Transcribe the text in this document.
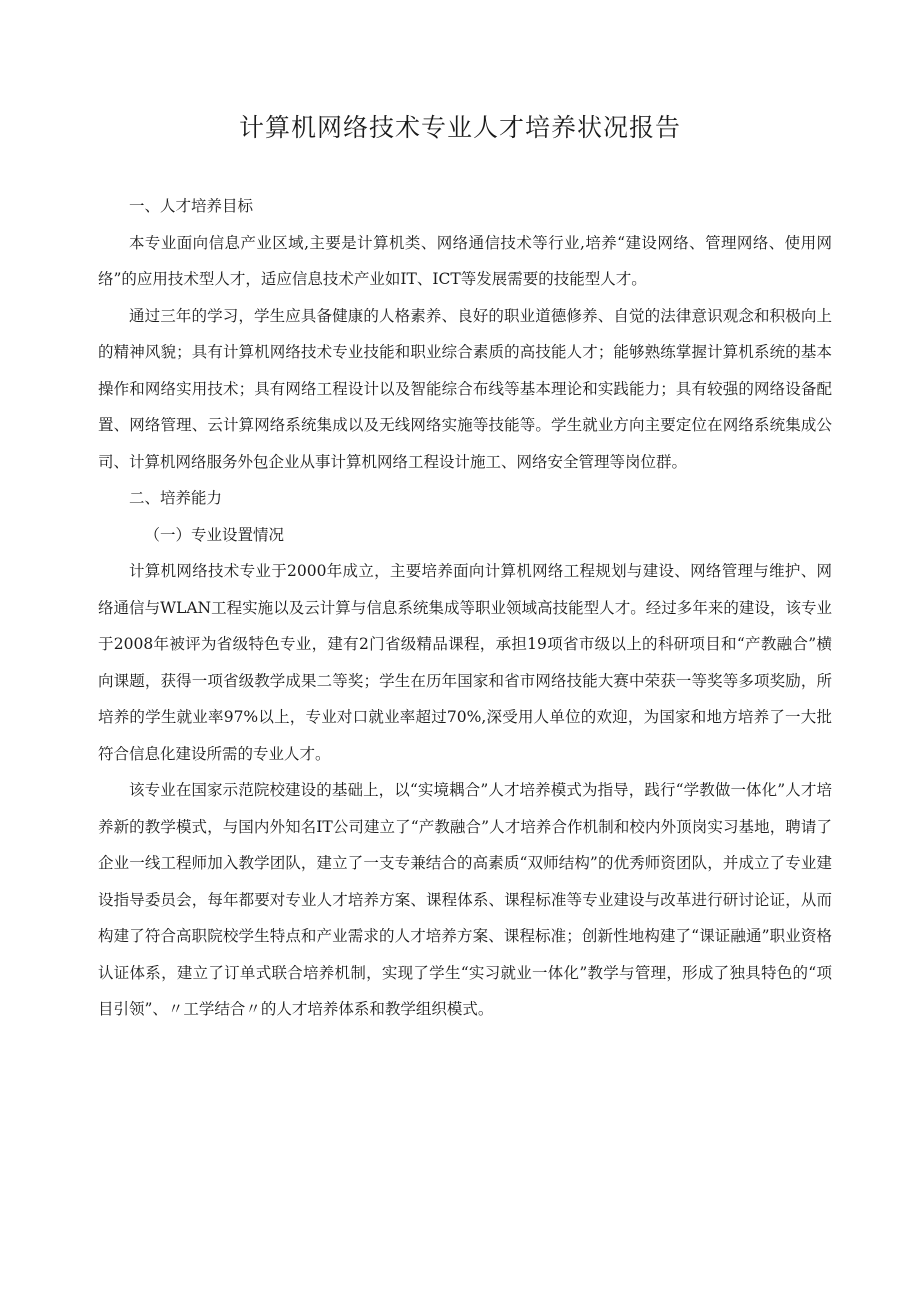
计算机网络技术专业人才培养状况报告

一、人才培养目标

本专业面向信息产业区域,主要是计算机类、网络通信技术等行业,培养“建设网络、管理网络、使用网络”的应用技术型人才，适应信息技术产业如IT、ICT等发展需要的技能型人才。

通过三年的学习，学生应具备健康的人格素养、良好的职业道德修养、自觉的法律意识观念和积极向上的精神风貌；具有计算机网络技术专业技能和职业综合素质的高技能人才；能够熟练掌握计算机系统的基本操作和网络实用技术；具有网络工程设计以及智能综合布线等基本理论和实践能力；具有较强的网络设备配置、网络管理、云计算网络系统集成以及无线网络实施等技能等。学生就业方向主要定位在网络系统集成公司、计算机网络服务外包企业从事计算机网络工程设计施工、网络安全管理等岗位群。

二、培养能力

（一）专业设置情况

计算机网络技术专业于2000年成立，主要培养面向计算机网络工程规划与建设、网络管理与维护、网络通信与WLAN工程实施以及云计算与信息系统集成等职业领域高技能型人才。经过多年来的建设，该专业于2008年被评为省级特色专业，建有2门省级精品课程，承担19项省市级以上的科研项目和“产教融合”横向课题，获得一项省级教学成果二等奖；学生在历年国家和省市网络技能大赛中荣获一等奖等多项奖励，所培养的学生就业率97%以上，专业对口就业率超过70%,深受用人单位的欢迎，为国家和地方培养了一大批符合信息化建设所需的专业人才。

该专业在国家示范院校建设的基础上，以“实境耦合”人才培养模式为指导，践行“学教做一体化”人才培养新的教学模式，与国内外知名IT公司建立了“产教融合”人才培养合作机制和校内外顶岗实习基地，聘请了企业一线工程师加入教学团队，建立了一支专兼结合的高素质“双师结构”的优秀师资团队，并成立了专业建设指导委员会，每年都要对专业人才培养方案、课程体系、课程标准等专业建设与改革进行研讨论证，从而构建了符合高职院校学生特点和产业需求的人才培养方案、课程标准；创新性地构建了“课证融通”职业资格认证体系，建立了订单式联合培养机制，实现了学生“实习就业一体化”教学与管理，形成了独具特色的“项目引领”、〃工学结合〃的人才培养体系和教学组织模式。
